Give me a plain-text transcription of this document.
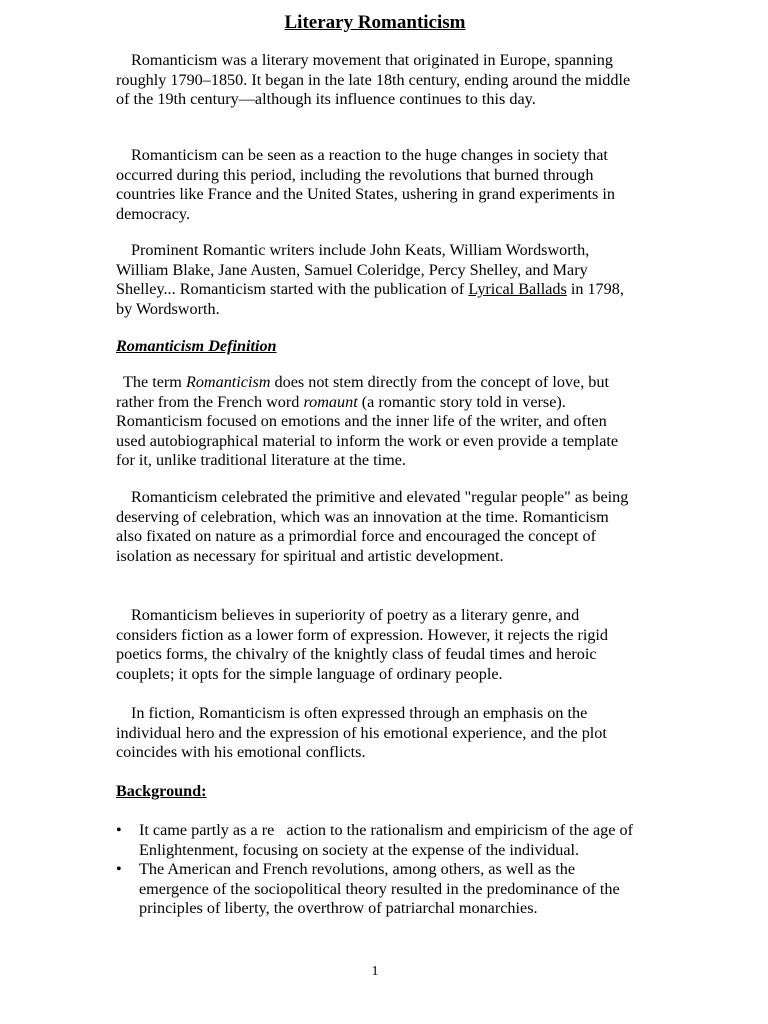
Literary Romanticism

Romanticism was a literary movement that originated in Europe, spanning roughly 1790–1850. It began in the late 18th century, ending around the middle of the 19th century—although its influence continues to this day.

Romanticism can be seen as a reaction to the huge changes in society that occurred during this period, including the revolutions that burned through countries like France and the United States, ushering in grand experiments in democracy.

Prominent Romantic writers include John Keats, William Wordsworth, William Blake, Jane Austen, Samuel Coleridge, Percy Shelley, and Mary Shelley... Romanticism started with the publication of Lyrical Ballads in 1798, by Wordsworth.

Romanticism Definition

The term Romanticism does not stem directly from the concept of love, but rather from the French word romaunt (a romantic story told in verse). Romanticism focused on emotions and the inner life of the writer, and often used autobiographical material to inform the work or even provide a template for it, unlike traditional literature at the time.

Romanticism celebrated the primitive and elevated "regular people" as being deserving of celebration, which was an innovation at the time. Romanticism also fixated on nature as a primordial force and encouraged the concept of isolation as necessary for spiritual and artistic development.

Romanticism believes in superiority of poetry as a literary genre, and considers fiction as a lower form of expression. However, it rejects the rigid poetics forms, the chivalry of the knightly class of feudal times and heroic couplets; it opts for the simple language of ordinary people.

In fiction, Romanticism is often expressed through an emphasis on the individual hero and the expression of his emotional experience, and the plot coincides with his emotional conflicts.

Background:

• It came partly as a re   action to the rationalism and empiricism of the age of Enlightenment, focusing on society at the expense of the individual.
• The American and French revolutions, among others, as well as the emergence of the sociopolitical theory resulted in the predominance of the principles of liberty, the overthrow of patriarchal monarchies.
1
